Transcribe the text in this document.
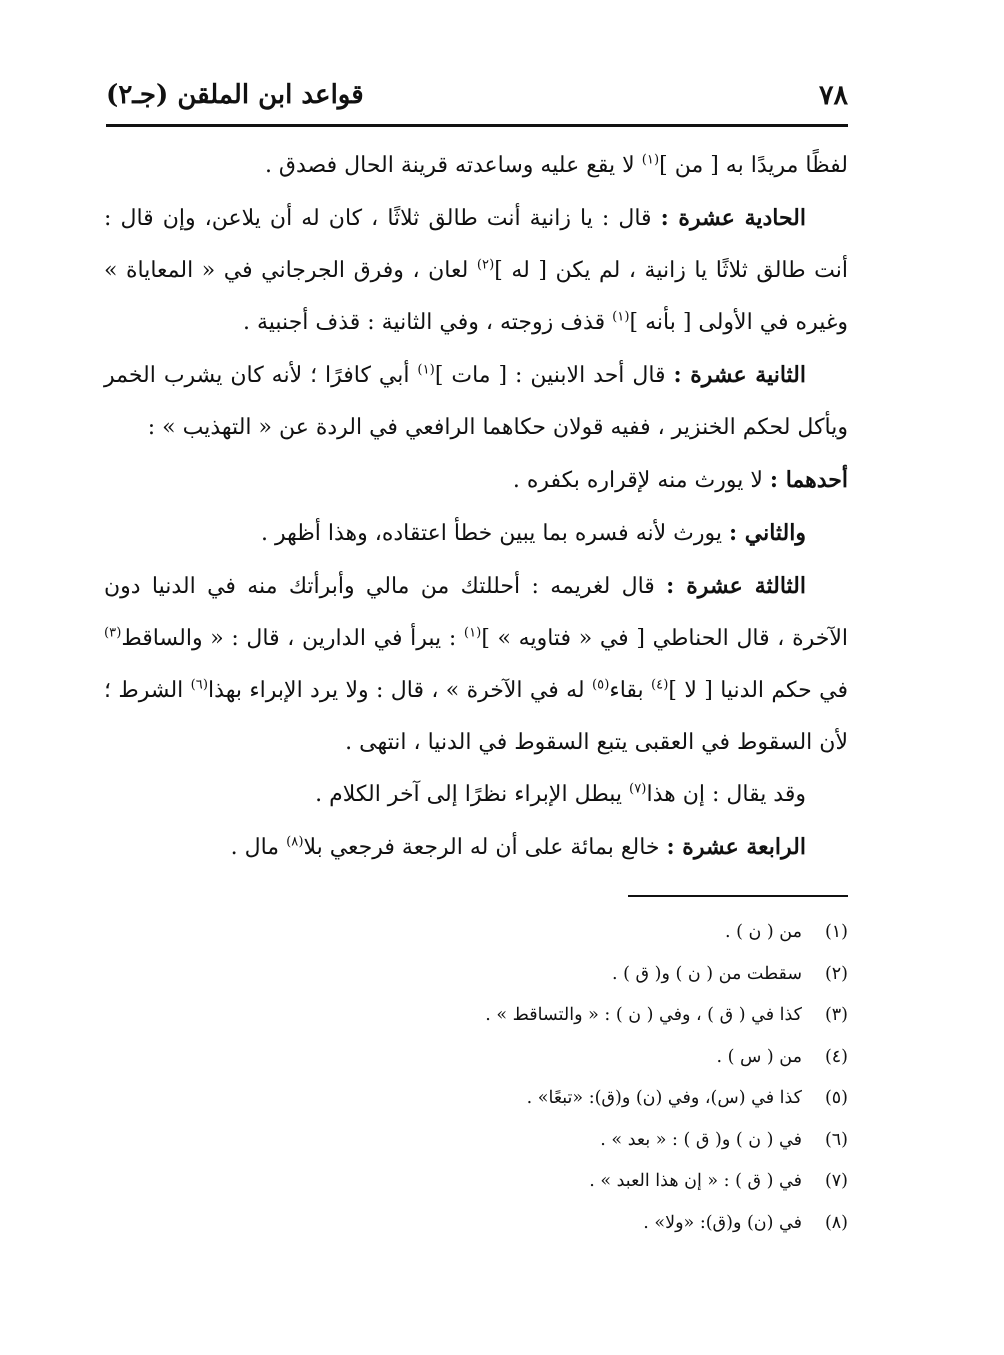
٧٨
قواعد ابن الملقن (جـ٢)

لفظًا مريدًا به [ من ]$^{(١)}$ لا يقع عليه وساعدته قرينة الحال فصدق .

الحادية عشرة : قال : يا زانية أنت طالق ثلاثًا ، كان له أن يلاعن، وإن قال : أنت طالق ثلاثًا يا زانية ، لم يكن [ له ]$^{(٢)}$ لعان ، وفرق الجرجاني في « المعاياة » وغيره في الأولى [ بأنه ]$^{(١)}$ قذف زوجته ، وفي الثانية : قذف أجنبية .

الثانية عشرة : قال أحد الابنين : [ مات ]$^{(١)}$ أبي كافرًا ؛ لأنه كان يشرب الخمر ويأكل لحكم الخنزير ، ففيه قولان حكاهما الرافعي في الردة عن « التهذيب » :

أحدهما : لا يورث منه لإقراره بكفره .

والثاني : يورث لأنه فسره بما يبين خطأ اعتقاده، وهذا أظهر .

الثالثة عشرة : قال لغريمه : أحللتك من مالي وأبرأتك منه في الدنيا دون الآخرة ، قال الحناطي [ في « فتاويه » ]$^{(١)}$ : يبرأ في الدارين ، قال : « والساقط$^{(٣)}$ في حكم الدنيا [ لا ]$^{(٤)}$ بقاء$^{(٥)}$ له في الآخرة » ، قال : ولا يرد الإبراء بهذا$^{(٦)}$ الشرط ؛ لأن السقوط في العقبى يتبع السقوط في الدنيا ، انتهى .

وقد يقال : إن هذا$^{(٧)}$ يبطل الإبراء نظرًا إلى آخر الكلام .

الرابعة عشرة : خالع بمائة على أن له الرجعة فرجعي بلا$^{(٨)}$ مال .

(١)
من ( ن ) .
(٢)
سقطت من ( ن ) و( ق ) .
(٣)
كذا في ( ق ) ، وفي ( ن ) : « والتساقط » .
(٤)
من ( س ) .
(٥)
كذا في (س)، وفي (ن) و(ق): «تبعًا» .
(٦)
في ( ن ) و( ق ) : « بعد » .
(٧)
في ( ق ) : « إن هذا العبد » .
(٨)
في (ن) و(ق): «ولا» .
